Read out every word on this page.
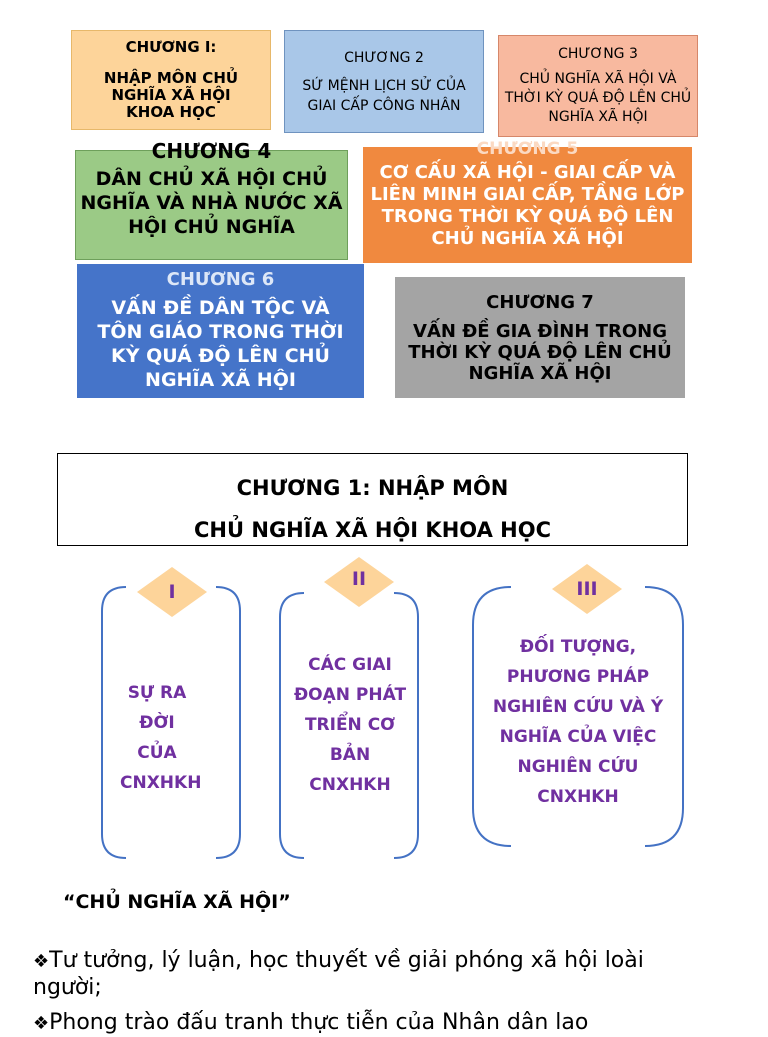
CHƯƠNG I:
NHẬP MÔN CHỦ NGHĨA XÃ HỘI KHOA HỌC
CHƯƠNG 2
SỨ MỆNH LỊCH SỬ CỦA GIAI CẤP CÔNG NHÂN
CHƯƠNG 3
CHỦ NGHĨA XÃ HỘI VÀ THỜI KỲ QUÁ ĐỘ LÊN CHỦ NGHĨA XÃ HỘI
CHƯƠNG 4
DÂN CHỦ XÃ HỘI CHỦ NGHĨA VÀ NHÀ NƯỚC XÃ HỘI CHỦ NGHĨA
CHƯƠNG 5
CƠ CẤU XÃ HỘI - GIAI CẤP VÀ LIÊN MINH GIAI CẤP, TẦNG LỚP TRONG THỜI KỲ QUÁ ĐỘ LÊN CHỦ NGHĨA XÃ HỘI
CHƯƠNG 6
VẤN ĐỀ DÂN TỘC VÀ TÔN GIÁO TRONG THỜI KỲ QUÁ ĐỘ LÊN CHỦ NGHĨA XÃ HỘI
CHƯƠNG 7
VẤN ĐỀ GIA ĐÌNH TRONG THỜI KỲ QUÁ ĐỘ LÊN CHỦ NGHĨA XÃ HỘI
CHƯƠNG 1: NHẬP MÔN
CHỦ NGHĨA XÃ HỘI KHOA HỌC
I
II	III
SỰ RA ĐỜI CỦA CNXHKH
CÁC GIAI ĐOẠN PHÁT TRIỂN CƠ BẢN CNXHKH
ĐỐI TƯỢNG, PHƯƠNG PHÁP NGHIÊN CỨU VÀ Ý NGHĨA CỦA VIỆC NGHIÊN CỨU CNXHKH
“CHỦ NGHĨA XÃ HỘI”
❖Tư tưởng, lý luận, học thuyết về giải phóng xã hội loài người;
❖Phong trào đấu tranh thực tiễn của Nhân dân lao
